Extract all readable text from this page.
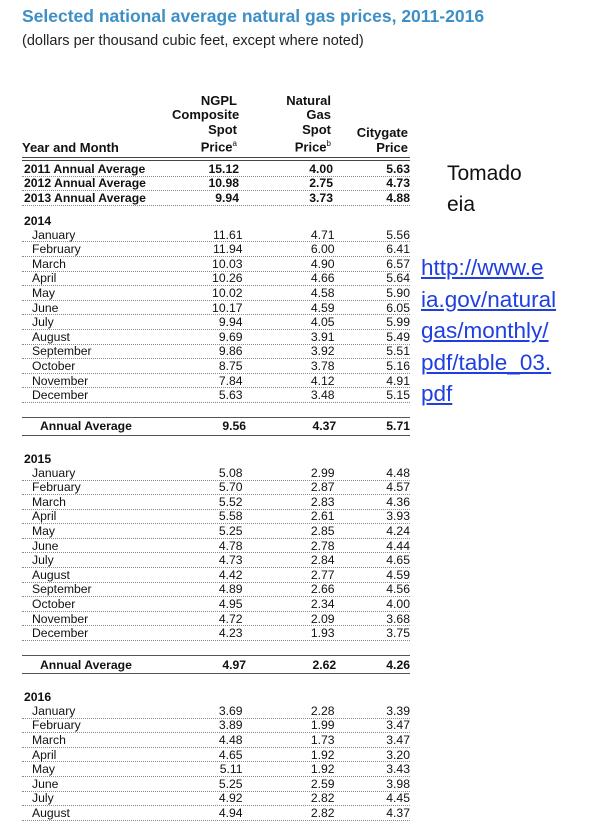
Selected national average natural gas prices, 2011-2016
(dollars per thousand cubic feet, except where noted)
Year and Month
NGPL
Composite
Spot Price$^a$
Natural
Gas
Spot
Price$^b$
Citygate
Price
2011 Annual Average	15.12	4.00	5.63
2012 Annual Average	10.98	2.75	4.73
2013 Annual Average	9.94	3.73	4.88
2014
January	11.61	4.71	5.56
February	11.94	6.00	6.41
March	10.03	4.90	6.57
April	10.26	4.66	5.64
May	10.02	4.58	5.90
June	10.17	4.59	6.05
July	9.94	4.05	5.99
August	9.69	3.91	5.49
September	9.86	3.92	5.51
October	8.75	3.78	5.16
November	7.84	4.12	4.91
December	5.63	3.48	5.15
Annual Average	9.56	4.37	5.71
2015
January	5.08	2.99	4.48
February	5.70	2.87	4.57
March	5.52	2.83	4.36
April	5.58	2.61	3.93
May	5.25	2.85	4.24
June	4.78	2.78	4.44
July	4.73	2.84	4.65
August	4.42	2.77	4.59
September	4.89	2.66	4.56
October	4.95	2.34	4.00
November	4.72	2.09	3.68
December	4.23	1.93	3.75
Annual Average	4.97	2.62	4.26
2016
January	3.69	2.28	3.39
February	3.89	1.99	3.47
March	4.48	1.73	3.47
April	4.65	1.92	3.20
May	5.11	1.92	3.43
June	5.25	2.59	3.98
July	4.92	2.82	4.45
August	4.94	2.82	4.37
Tomado
eia
http://www.e
ia.gov/natural
gas/monthly/
pdf/table_03.
pdf
